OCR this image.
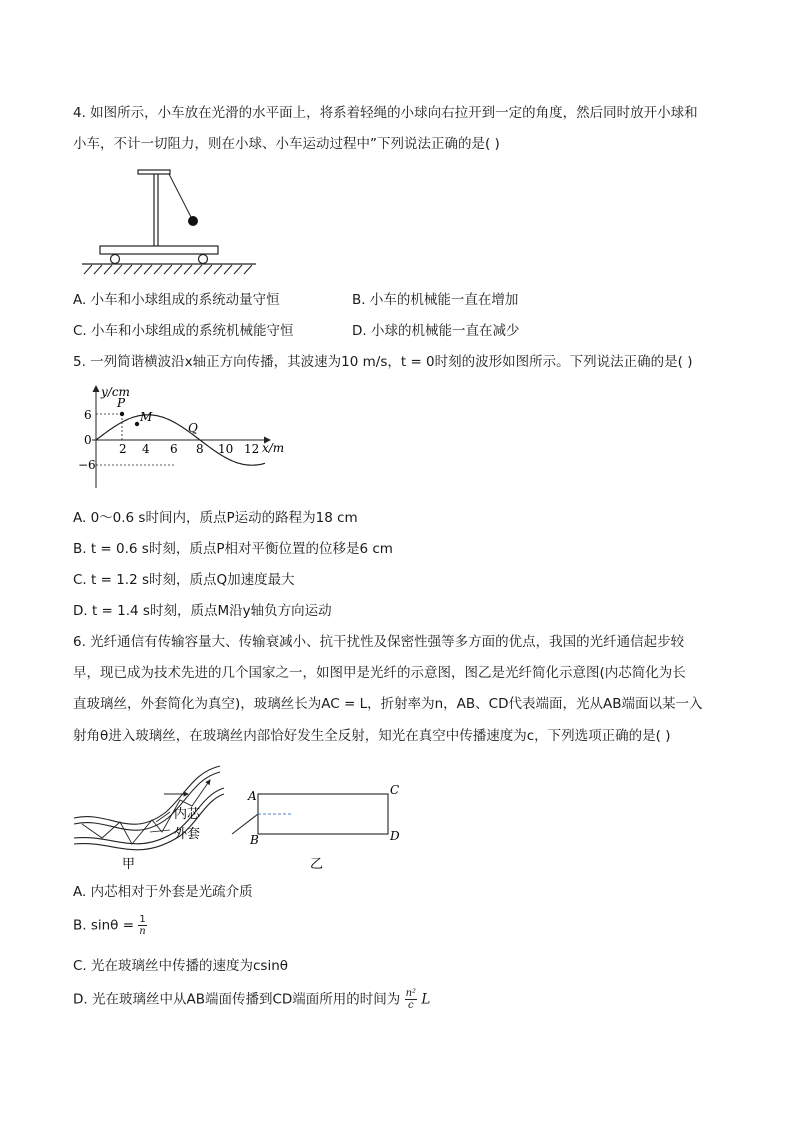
4. 如图所示，小车放在光滑的水平面上，将系着轻绳的小球向右拉开到一定的角度，然后同时放开小球和
小车，不计一切阻力，则在小球、小车运动过程中”下列说法正确的是( )
A. 小车和小球组成的系统动量守恒	B. 小车的机械能一直在增加
C. 小车和小球组成的系统机械能守恒	D. 小球的机械能一直在减少
5. 一列简谐横波沿x轴正方向传播，其波速为10 m/s，t = 0时刻的波形如图所示。下列说法正确的是( )
y/cm
x/m
6
0
−6
2 4 6 8 10 12
P
M
Q
A. 0～0.6 s时间内，质点P运动的路程为18 cm
B. t = 0.6 s时刻，质点P相对平衡位置的位移是6 cm
C. t = 1.2 s时刻，质点Q加速度最大
D. t = 1.4 s时刻，质点M沿y轴负方向运动
6. 光纤通信有传输容量大、传输衰减小、抗干扰性及保密性强等多方面的优点，我国的光纤通信起步较
早，现已成为技术先进的几个国家之一，如图甲是光纤的示意图，图乙是光纤简化示意图(内芯简化为长
直玻璃丝，外套简化为真空)，玻璃丝长为AC = L，折射率为n，AB、CD代表端面，光从AB端面以某一入
射角θ进入玻璃丝，在玻璃丝内部恰好发生全反射，知光在真空中传播速度为c，下列选项正确的是( )
内芯
外套
甲
A
B
C
D
乙
A. 内芯相对于外套是光疏介质
B. $\sin\theta = \frac{1}{n}$
C. 光在玻璃丝中传播的速度为csinθ
D. 光在玻璃丝中从AB端面传播到CD端面所用的时间为 $\frac{\text{n²}}{c}$ L
